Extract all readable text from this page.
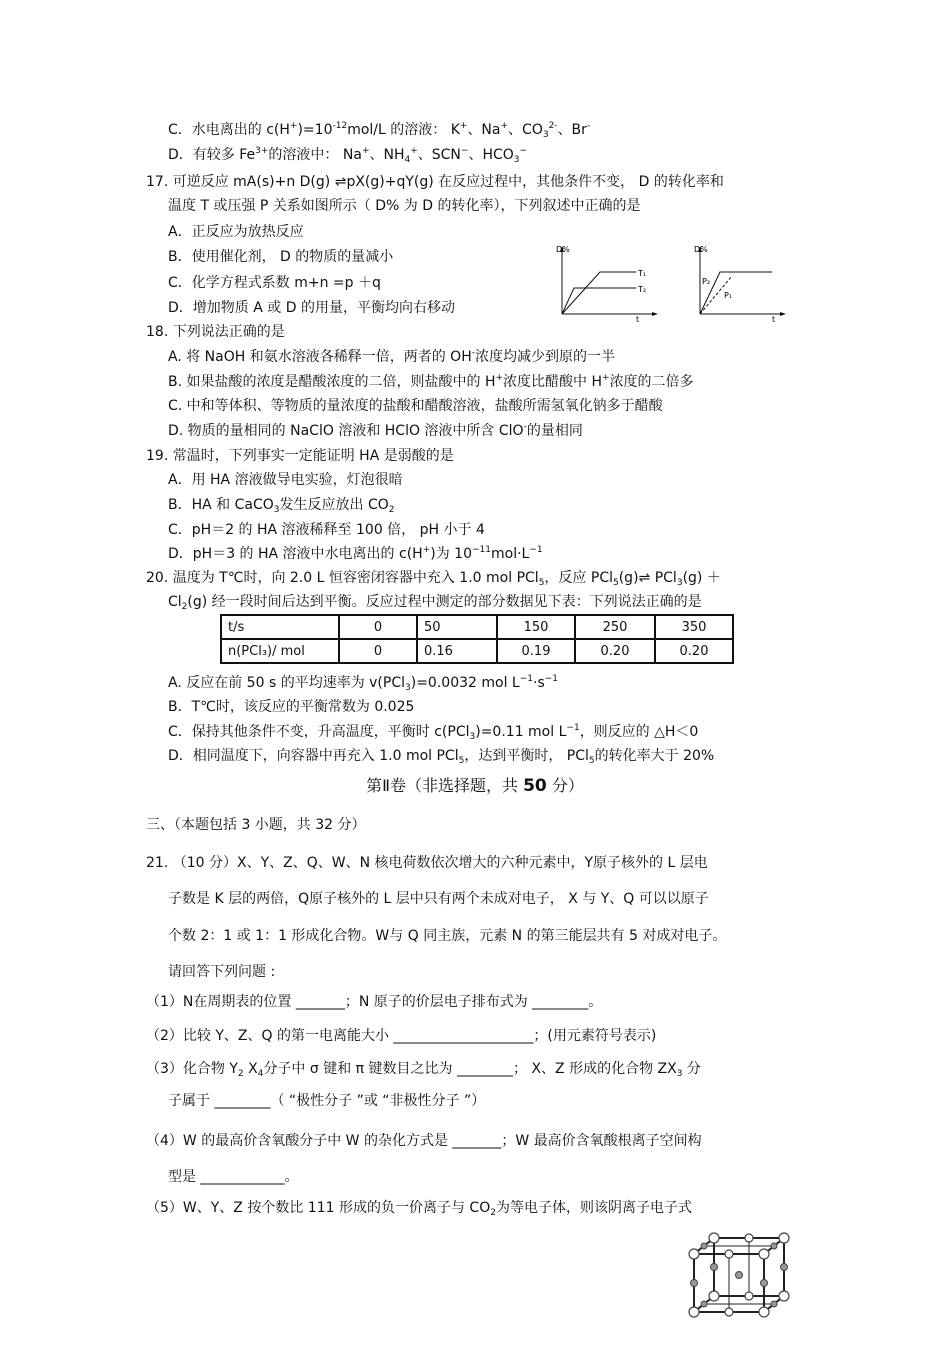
C．水电离出的 $c(H^+)=10^{-12}mol/L$ 的溶液： K+、Na+、$CO_3^{2-}$、Br-
D．有较多 $Fe^{3+}$的溶液中： Na+、$NH_4^+$、SCN−、$HCO_3^-$
17. 可逆反应 mA(s)+n D(g) ⇌pX(g)+qY(g) 在反应过程中，其他条件不变， D 的转化率和
温度 T 或压强 P 关系如图所示（ D% 为 D 的转化率），下列叙述中正确的是
A．正反应为放热反应
B．使用催化剂， D 的物质的量减小
C．化学方程式系数 m+n =p ＋q
D．增加物质 A 或 D 的用量，平衡均向右移动
D%
t
T₁
T₂
D%
t
P₂
P₁
18. 下列说法正确的是
A. 将 NaOH 和氨水溶液各稀释一倍，两者的 OH-浓度均减少到原的一半
B. 如果盐酸的浓度是醋酸浓度的二倍，则盐酸中的 H+浓度比醋酸中 H+浓度的二倍多
C. 中和等体积、等物质的量浓度的盐酸和醋酸溶液，盐酸所需氢氧化钠多于醋酸
D. 物质的量相同的 NaClO 溶液和 HClO 溶液中所含 ClO-的量相同
19. 常温时，下列事实一定能证明 HA 是弱酸的是
A．用 HA 溶液做导电实验，灯泡很暗
B．HA 和 CaCO$_3$发生反应放出 $CO_2$
C．pH＝2 的 HA 溶液稀释至 100 倍， pH 小于 4
D．pH＝3 的 HA 溶液中水电离出的 c(H+)为 $10^{-11}mol\cdot L^{-1}$
20. 温度为 T℃时，向 2.0 L 恒容密闭容器中充入 1.0 mol PCl$_5$，反应 PCl$_5$(g)⇌ PCl$_3$(g) ＋
$Cl_2(g)$ 经一段时间后达到平衡。反应过程中测定的部分数据见下表：下列说法正确的是
t/s	0	50	150	250	350
n(PCl₃)/ mol	0	0.16	0.19	0.20	0.20
A. 反应在前 50 s 的平均速率为 v(PCl$_3$)=0.0032 mol $L^{-1}\cdot s^{-1}$
B．T℃时，该反应的平衡常数为 0.025
C．保持其他条件不变，升高温度，平衡时 c(PCl$_3$)=0.11 mol $L^{-1}$，则反应的 △H＜0
D．相同温度下，向容器中再充入 1.0 mol PCl$_5$，达到平衡时， PCl$_5$的转化率大于 20%
第Ⅱ卷（非选择题，共 50 分）
三、（本题包括 3 小题，共 32 分）
21. （10 分）X、Y、Z、Q、W、N 核电荷数依次增大的六种元素中，Y原子核外的 L 层电
子数是 K 层的两倍，Q原子核外的 L 层中只有两个未成对电子， X 与 Y、Q 可以以原子
个数 2：1 或 1：1 形成化合物。W与 Q 同主族，元素 N 的第三能层共有 5 对成对电子。
请回答下列问题 :
（1）N在周期表的位置 _______；N 原子的价层电子排布式为 ________。
（2）比较 Y、Z、Q 的第一电离能大小 ____________________；(用元素符号表示)
（3）化合物 $Y_2$ $X_4$分子中 σ 键和 π 键数目之比为 ________； X、Z 形成的化合物 $ZX_3$ 分
子属于 ________（ “极性分子 ”或 “非极性分子 ”）
（4）W 的最高价含氧酸分子中 W 的杂化方式是 _______；W 最高价含氧酸根离子空间构
型是 ____________。
（5）W、Y、Z 按个数比 111 形成的负一价离子与 $CO_2$为等电子体，则该阴离子电子式
